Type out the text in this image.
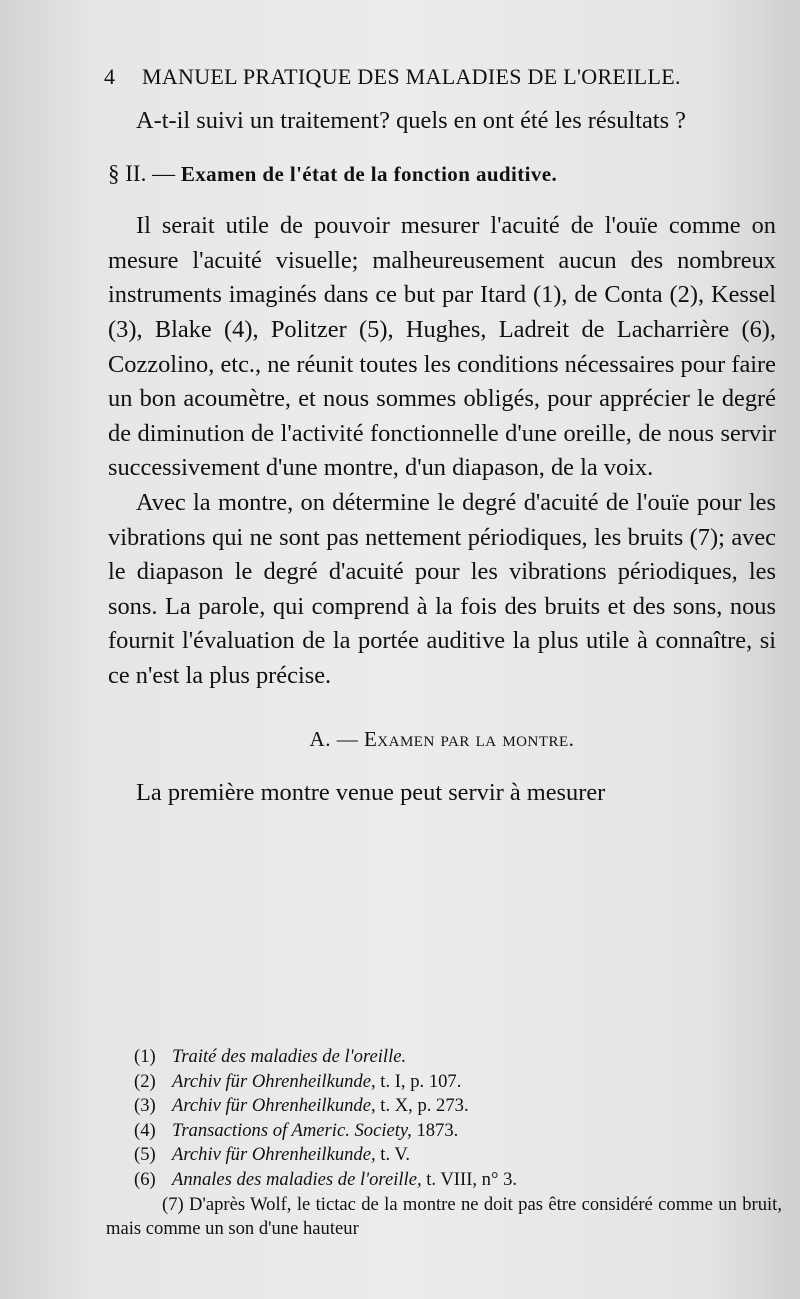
4 MANUEL PRATIQUE DES MALADIES DE L'OREILLE.

A-t-il suivi un traitement? quels en ont été les résultats ?

§ II. — Examen de l'état de la fonction auditive.

Il serait utile de pouvoir mesurer l'acuité de l'ouïe comme on mesure l'acuité visuelle; malheureusement aucun des nombreux instruments imaginés dans ce but par Itard (1), de Conta (2), Kessel (3), Blake (4), Politzer (5), Hughes, Ladreit de Lacharrière (6), Cozzolino, etc., ne réunit toutes les conditions nécessaires pour faire un bon acoumètre, et nous sommes obligés, pour apprécier le degré de diminution de l'activité fonctionnelle d'une oreille, de nous servir successivement d'une montre, d'un diapason, de la voix.

Avec la montre, on détermine le degré d'acuité de l'ouïe pour les vibrations qui ne sont pas nettement périodiques, les bruits (7); avec le diapason le degré d'acuité pour les vibrations périodiques, les sons. La parole, qui comprend à la fois des bruits et des sons, nous fournit l'évaluation de la portée auditive la plus utile à connaître, si ce n'est la plus précise.

A. — Examen par la montre.

La première montre venue peut servir à mesurer

(1) Traité des maladies de l'oreille.

(2) Archiv für Ohrenheilkunde, t. I, p. 107.

(3) Archiv für Ohrenheilkunde, t. X, p. 273.

(4) Transactions of Americ. Society, 1873.

(5) Archiv für Ohrenheilkunde, t. V.

(6) Annales des maladies de l'oreille, t. VIII, n° 3.

(7) D'après Wolf, le tictac de la montre ne doit pas être considéré comme un bruit, mais comme un son d'une hauteur
